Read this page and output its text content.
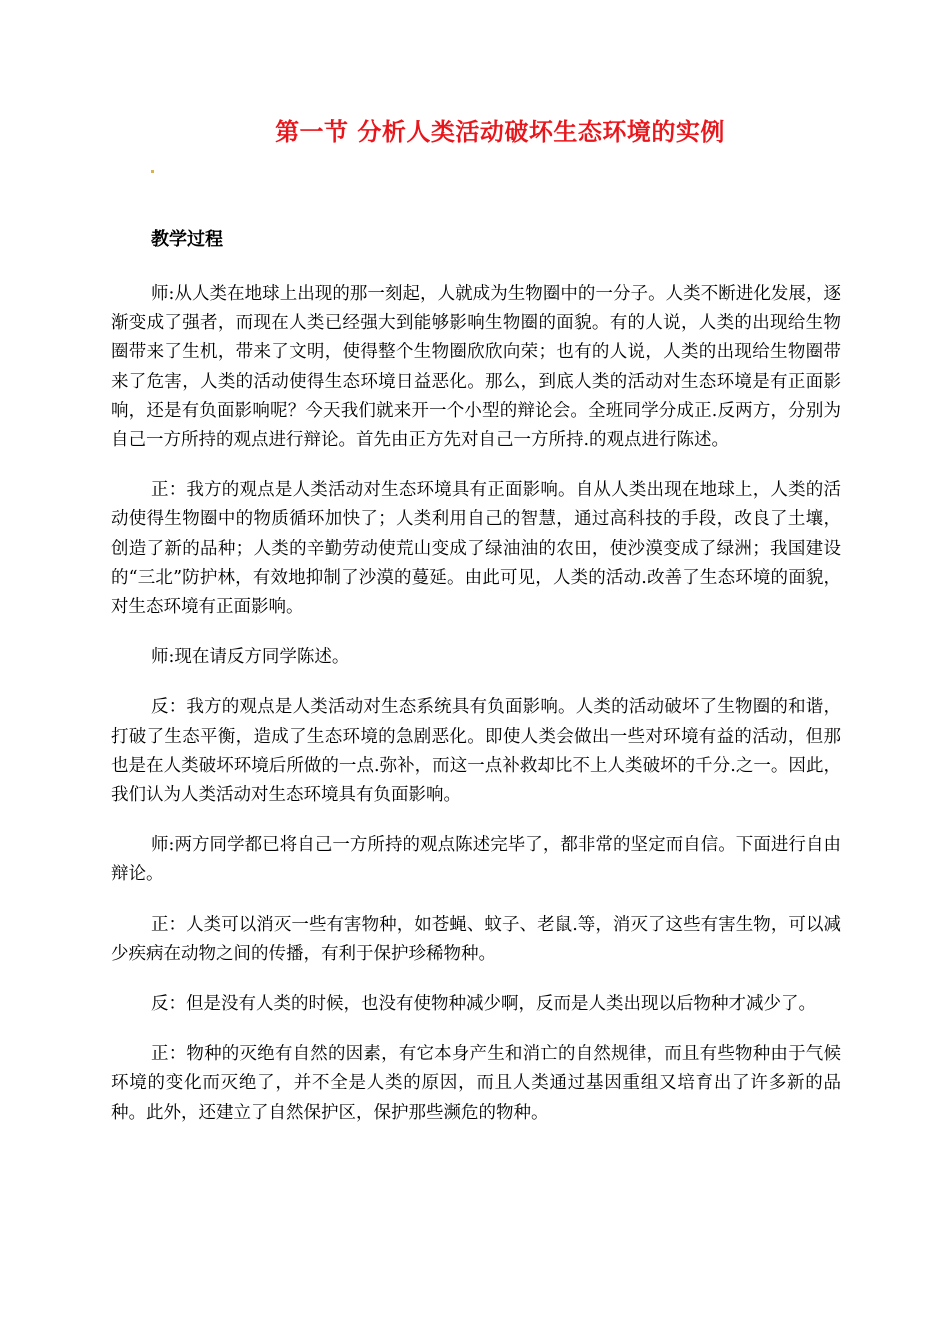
第一节 分析人类活动破坏生态环境的实例
教学过程

师:从人类在地球上出现的那一刻起，人就成为生物圈中的一分子。人类不断进化发展，逐渐变成了强者，而现在人类已经强大到能够影响生物圈的面貌。有的人说，人类的出现给生物圈带来了生机，带来了文明，使得整个生物圈欣欣向荣；也有的人说，人类的出现给生物圈带来了危害，人类的活动使得生态环境日益恶化。那么，到底人类的活动对生态环境是有正面影响，还是有负面影响呢？今天我们就来开一个小型的辩论会。全班同学分成正.反两方，分别为自己一方所持的观点进行辩论。首先由正方先对自己一方所持.的观点进行陈述。

正：我方的观点是人类活动对生态环境具有正面影响。自从人类出现在地球上，人类的活动使得生物圈中的物质循环加快了；人类利用自己的智慧，通过高科技的手段，改良了土壤，创造了新的品种；人类的辛勤劳动使荒山变成了绿油油的农田，使沙漠变成了绿洲；我国建设的“三北”防护林，有效地抑制了沙漠的蔓延。由此可见，人类的活动.改善了生态环境的面貌，对生态环境有正面影响。

师:现在请反方同学陈述。

反：我方的观点是人类活动对生态系统具有负面影响。人类的活动破坏了生物圈的和谐，打破了生态平衡，造成了生态环境的急剧恶化。即使人类会做出一些对环境有益的活动，但那也是在人类破坏环境后所做的一点.弥补，而这一点补救却比不上人类破坏的千分.之一。因此，我们认为人类活动对生态环境具有负面影响。

师:两方同学都已将自己一方所持的观点陈述完毕了，都非常的坚定而自信。下面进行自由辩论。

正：人类可以消灭一些有害物种，如苍蝇、蚊子、老鼠.等，消灭了这些有害生物，可以减少疾病在动物之间的传播，有利于保护珍稀物种。

反：但是没有人类的时候，也没有使物种减少啊，反而是人类出现以后物种才减少了。

正：物种的灭绝有自然的因素，有它本身产生和消亡的自然规律，而且有些物种由于气候环境的变化而灭绝了，并不全是人类的原因，而且人类通过基因重组又培育出了许多新的品种。此外，还建立了自然保护区，保护那些濒危的物种。
